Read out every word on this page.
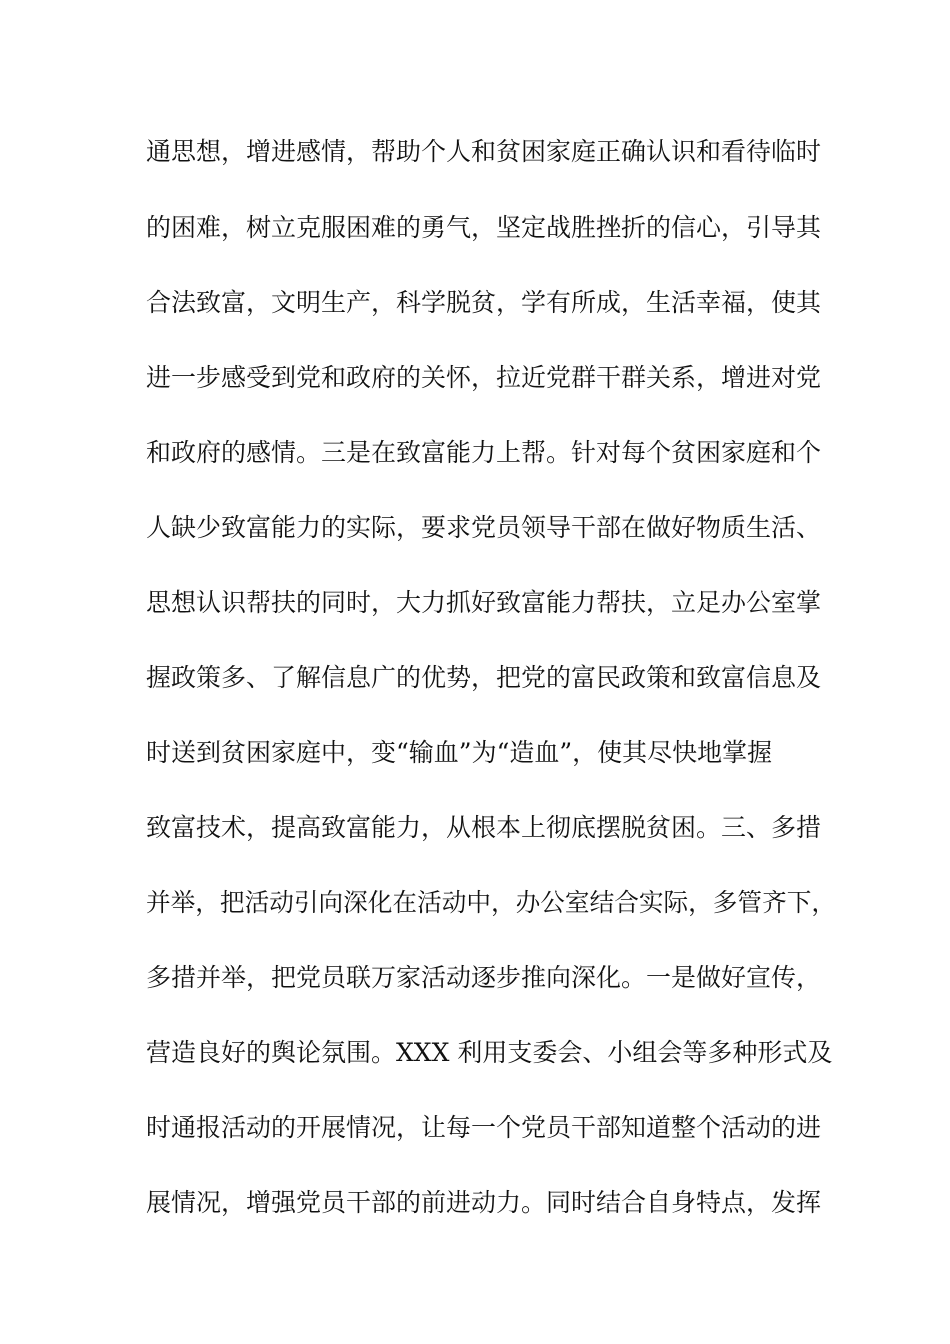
通思想，增进感情，帮助个人和贫困家庭正确认识和看待临时
的困难，树立克服困难的勇气，坚定战胜挫折的信心，引导其
合法致富，文明生产，科学脱贫，学有所成，生活幸福，使其
进一步感受到党和政府的关怀，拉近党群干群关系，增进对党
和政府的感情。三是在致富能力上帮。针对每个贫困家庭和个
人缺少致富能力的实际，要求党员领导干部在做好物质生活、
思想认识帮扶的同时，大力抓好致富能力帮扶，立足办公室掌
握政策多、了解信息广的优势，把党的富民政策和致富信息及
时送到贫困家庭中，变“输血”为“造血”，使其尽快地掌握
致富技术，提高致富能力，从根本上彻底摆脱贫困。三、多措
并举，把活动引向深化在活动中，办公室结合实际，多管齐下，
多措并举，把党员联万家活动逐步推向深化。一是做好宣传，
营造良好的舆论氛围。XXX 利用支委会、小组会等多种形式及
时通报活动的开展情况，让每一个党员干部知道整个活动的进
展情况，增强党员干部的前进动力。同时结合自身特点，发挥
